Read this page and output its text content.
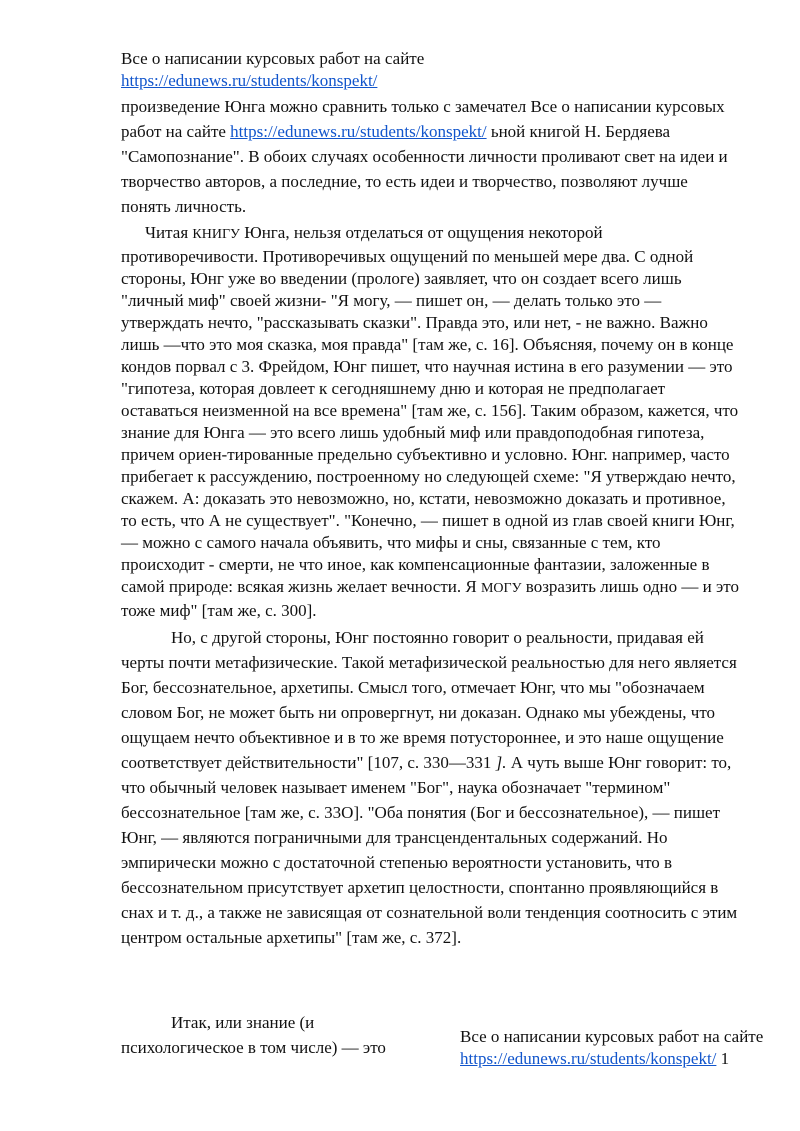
Все о написании курсовых работ на сайте
https://edunews.ru/students/konspekt/
произведение Юнга можно сравнить только с замечател Все о написании курсовых работ на сайте https://edunews.ru/students/konspekt/ ьной книгой Н. Бердяева "Самопознание". В обоих случаях особенности личности проливают свет на идеи и творчество авторов, а последние, то есть идеи и творчество, позволяют лучше понять личность.
Читая КНИГУ Юнга, нельзя отделаться от ощущения некоторой противоречивости. Противоречивых ощущений по меньшей мере два. С одной стороны, Юнг уже во введении (прологе) заявляет, что он создает всего лишь "личный миф" своей жизни- "Я могу, — пишет он, — делать только это — утверждать нечто, "рассказывать сказки". Правда это, или нет, - не важно. Важно лишь —что это моя сказка, моя правда" [там же, с. 16]. Объясняя, почему он в конце кондов порвал с 3. Фрейдом, Юнг пишет, что научная истина в его разумении — это "гипотеза, которая довлеет к сегодняшнему дню и которая не предполагает оставаться неизменной на все времена" [там же, с. 156]. Таким образом, кажется, что знание для Юнга — это всего лишь удобный миф или правдоподобная гипотеза, причем ориен-тированные предельно субъективно и условно. Юнг. например, часто прибегает к рассуждению, построенному но следующей схеме: "Я утверждаю нечто, скажем. А: доказать это невозможно, но, кстати, невозможно доказать и противное, то есть, что А не существует". "Конечно, — пишет в одной из глав своей книги Юнг, — можно с самого начала объявить, что мифы и сны, связанные с тем, кто происходит - смерти, не что иное, как компенсационные фантазии, заложенные в самой природе: всякая жизнь желает вечности. Я МОГУ возразить лишь одно — и это тоже миф" [там же, с. 300].
Но, с другой стороны, Юнг постоянно говорит о реальности, придавая ей черты почти метафизические. Такой метафизической реальностью для него является Бог, бессознательное, архетипы. Смысл того, отмечает Юнг, что мы "обозначаем словом Бог, не может быть ни опровергнут, ни доказан. Однако мы убеждены, что ощущаем нечто объективное и в то же время потустороннее, и это наше ощущение соответствует действительности" [107, с. 330—331 ]. А чуть выше Юнг говорит: то, что обычный человек называет именем "Бог", наука обозначает "термином" бессознательное [там же, с. 33О]. "Оба понятия (Бог и бессознательное), — пишет Юнг, — являются пограничными для трансцендентальных содержаний. Но эмпирически можно с достаточной степенью вероятности установить, что в бессознательном присутствует архетип целостности, спонтанно проявляющийся в снах и т. д., а также не зависящая от сознательной воли тенденция соотносить с этим центром остальные архетипы" [там же, с. 372].
Итак, или знание (и психологическое в том числе) — это
Все о написании курсовых работ на сайте
https://edunews.ru/students/konspekt/ 1
